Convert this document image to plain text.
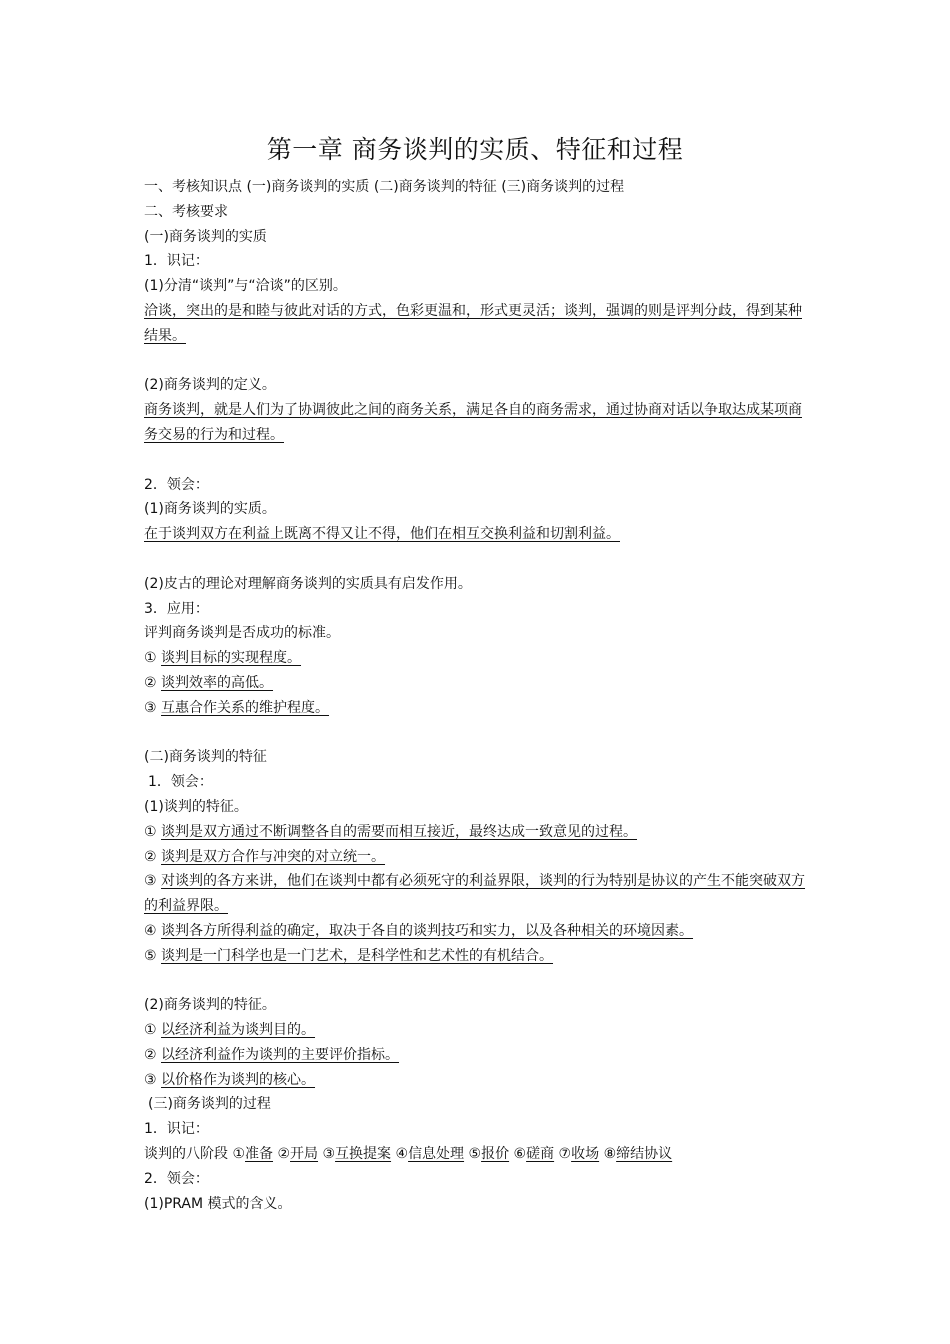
第一章 商务谈判的实质、特征和过程
一、考核知识点 (一)商务谈判的实质 (二)商务谈判的特征 (三)商务谈判的过程
二、考核要求
(一)商务谈判的实质
1．识记：
(1)分清“谈判”与“洽谈”的区别。
洽谈，突出的是和睦与彼此对话的方式，色彩更温和，形式更灵活；谈判，强调的则是评判分歧，得到某种结果。
(2)商务谈判的定义。
商务谈判，就是人们为了协调彼此之间的商务关系，满足各自的商务需求，通过协商对话以争取达成某项商务交易的行为和过程。
2．领会：
(1)商务谈判的实质。
在于谈判双方在利益上既离不得又让不得，他们在相互交换利益和切割利益。
(2)皮古的理论对理解商务谈判的实质具有启发作用。
3．应用：
评判商务谈判是否成功的标准。
① 谈判目标的实现程度。
② 谈判效率的高低。
③ 互惠合作关系的维护程度。
(二)商务谈判的特征
1．领会：
(1)谈判的特征。
① 谈判是双方通过不断调整各自的需要而相互接近，最终达成一致意见的过程。
② 谈判是双方合作与冲突的对立统一。
③ 对谈判的各方来讲，他们在谈判中都有必须死守的利益界限，谈判的行为特别是协议的产生不能突破双方的利益界限。
④ 谈判各方所得利益的确定，取决于各自的谈判技巧和实力，以及各种相关的环境因素。
⑤ 谈判是一门科学也是一门艺术，是科学性和艺术性的有机结合。
(2)商务谈判的特征。
① 以经济利益为谈判目的。
② 以经济利益作为谈判的主要评价指标。
③ 以价格作为谈判的核心。
(三)商务谈判的过程
1．识记：
谈判的八阶段 ①准备 ②开局 ③互换提案 ④信息处理 ⑤报价 ⑥磋商 ⑦收场 ⑧缔结协议
2．领会：
(1)PRAM 模式的含义。
